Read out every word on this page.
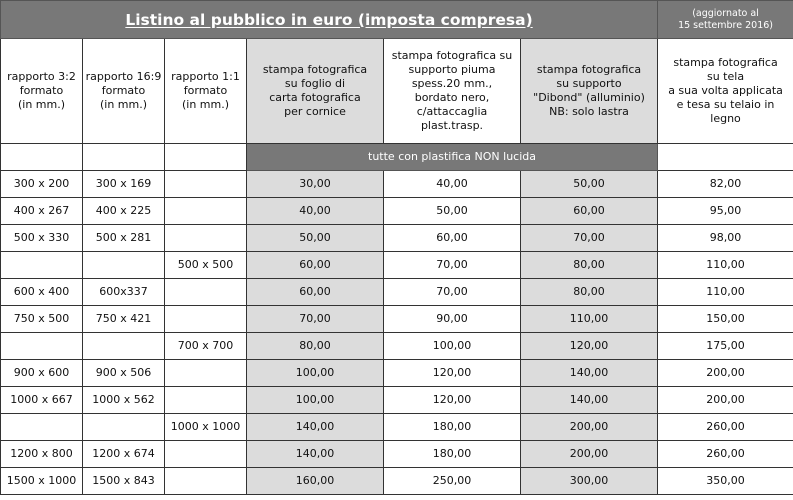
Listino al pubblico in euro (imposta compresa)						(aggiornato al
15 settembre 2016)

rapporto 3:2
formato
(in mm.)	rapporto 16:9
formato
(in mm.)	rapporto 1:1
formato
(in mm.)	stampa fotografica
su foglio di
carta fotografica
per cornice	stampa fotografica su
supporto piuma
spess.20 mm.,
bordato nero,
c/attaccaglia plast.trasp.	stampa fotografica
su supporto
"Dibond" (alluminio)
NB: solo lastra	stampa fotografica
su tela
a sua volta applicata
e tesa su telaio in legno

			tutte con plastifica NON lucida			
300 x 200	300 x 169		30,00	40,00	50,00	82,00
400 x 267	400 x 225		40,00	50,00	60,00	95,00
500 x 330	500 x 281		50,00	60,00	70,00	98,00
		500 x 500	60,00	70,00	80,00	110,00
600 x 400	600x337		60,00	70,00	80,00	110,00
750 x 500	750 x 421		70,00	90,00	110,00	150,00
		700 x 700	80,00	100,00	120,00	175,00
900 x 600	900 x 506		100,00	120,00	140,00	200,00
1000 x 667	1000 x 562		100,00	120,00	140,00	200,00
		1000 x 1000	140,00	180,00	200,00	260,00
1200 x 800	1200 x 674		140,00	180,00	200,00	260,00
1500 x 1000	1500 x 843		160,00	250,00	300,00	350,00
